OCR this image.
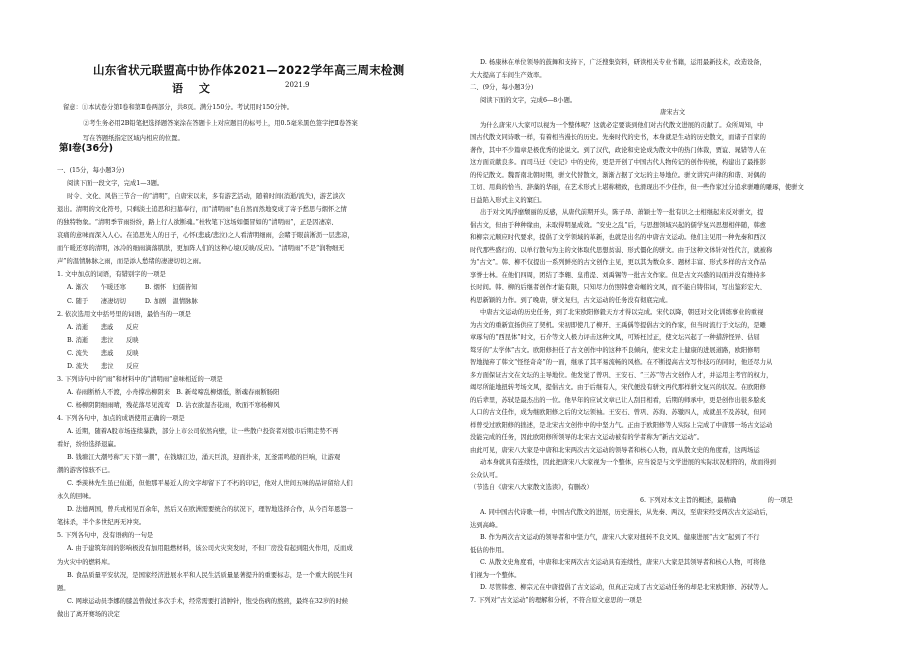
山东省状元联盟高中协作体2021—2022学年高三周末检测
语 文	2021.9
留意：①本试卷分第Ⅰ卷和第Ⅱ卷两部分，共8页。满分150分。考试用时150分钟。
②考生务必用2B铅笔把选择题答案涂在答题卡上对应题目的标号上，用0.5毫米黑色签字把Ⅱ卷答案
写在答题纸指定区域内相应的位置。
第Ⅰ卷(36分)
一、(15分，每小题3分)
阅读下面一段文字，完成1—3题。
时令、文化、风俗三节合一的“清明”，自唐宋以来，多有游艺活动，随着时间(消逝/流失)，游艺淡次
退出。清明的文化符号，只剩淡土追思和扫墓奉行，而“清明雨”也自然而然地变成了寄予愁思与烟怀之情
的独特物象。“清明季节雨纷纷，路上行人欲断魂。”杜牧笔下这场如僵冒如的“清明雨”，正是因凄凉、
哀痛的意味而深入人心。在追思先人的日子，心怀(悲戚/悲泣)之人看清明细雨，会睹于眼前淅沥一层悲凉，
而午暖还寒的清明，冰冷的细雨滴落肌肤，更加阵人们的这种心境(反映/反应)。“清明雨”不是“润物细无
声”的温情脉脉之雨，而是添人愁绪的凄凄切切之雨。
1. 文中加点的词语，有错别字的一项是
A. 渐次　　乍暖还寒　　　B. 烟怀　妇儒皆知
C. 随于　　凄凄切切　　　D. 加剧　温情脉脉
2. 依次选用文中括号里的词语，最恰当的一项是
A. 消逝　　悲戚　　反应
B. 消逝　　悲泣　　反映
C. 流失　　悲戚　　反映
D. 流失　　悲泣　　反应
3. 下列诗句中的“雨”和材料中的“清明雨”意味相近的一项是
A. 春雨断桥人不渡，小舟撑出柳阴来　B. 新莺啼乱柳烟低，断魂春雨断肠阳
C. 杨柳阴阴细雨晴，残花落尽见流莺　D. 沾衣欲湿杏花雨，吹面不寒杨柳风
4. 下列各句中，加点的成语使用正确的一项是
A. 近期，随着A股市场连续暴跌，部分上市公司依然向壁，让一些散户投资者对股市后期走势不再
看好，纷纷选择退赢。
B. 钱塘江大潮号称“天下第一潮”，在钱塘江边，涌天巨浪，迎面扑来，瓦釜雷鸣般的巨响，让游观
潮的游客惊骇不已。
C. 季羡林先生虽已仙逝，但他那平易近人的文字却留下了不朽的印记，他对人世间五味的品评留给人们
永久的回味。
D. 法德两国，曾兵戎相见百余年，然后又在欧洲需要统合的状况下，理智地选择合作，从今百年恩怨一
笔抹杀，半个多世纪再无冲突。
5. 下列各句中，没有语病的一句是
A. 由于建筑年间的影响极没有加用阻燃材料，该公司火灾突发时，不但厂房没有起到阻火作用，反而成
为火灾中的燃料库。
B. 食品质量平安状况，是国家经济进展水平和人民生活质量显著提升的重要标志，是一个重大的民生问
题。
C. 网球运动员李娜的膝盖曾做过多次手术，经常需要打消肿针，饱受伤病的熬煎，最终在32岁的时候
做出了离开赛场的决定
D. 杨康林在单位领导的鼓舞和支持下，广泛搜集资料，研读相关专业书籍，运用最新技术，改造设备，
大大提高了车间生产效率。
二、(9分，每小题3分)
阅读下面的文字，完成6—8小题。
唐宋古文
为什么唐宋八大家可以视为一个整体呢？这就必定要谈到他们对古代散文进展的贡献了。众所周知，中
国古代散文同诗歌一样，有着相当漫长的历史。先秦时代的史书，本身就是生动的历史散文，而诸子百家的
著作，其中不少篇章是极优秀的论说文。到了汉代，政论和史论成为散文中的热门体裁，贾谊、晁错等人在
这方面贡献良多。而司马迁《史记》中的史传，更是开创了中国古代人物传记的创作传统，构建出了最推影
的传记散文。魏晋南北朝时期，骈文代替散文，渐渐占据了文坛的主导地位。骈文讲究声律的和谐、对偶的
工切、用典的恰当、辞藻的华丽，在艺术形式上堪称精致，也滑现出不少佳作，但一些作家过分追求骈雕的雕琢，使骈文
日益陷入形式主义的窠臼。
出于对文风浮靡颓丽的反感，从唐代前期开头，陈子昂、萧颖士等一批有识之士相继起来反对骈文，提
倡古文，但由于种种缘由，未取得明显成效。“安史之乱”后，与思想领域兴起的儒学复兴思想相伴随，韩愈
和柳宗元顺应时代要求，提倡了文学领域的革新，也就是出名的中唐古文运动。他们主见用一种先秦和西汉
时代那些盛行的、以单行散句为主的文体取代思想贫弱、形式僵化的骈文。由于这种文体针对性代言，就被称
为“古文”。韩、柳不仅提出一系列鲜亮的古文创作主见，更以其为数众多、题材丰富、形式多样的古文作品
享誉士林。在他们四周，团结了李翱、皇甫湜、刘禹锡等一批古文作家。但是古文兴盛的局面并没有维持多
长时间。韩、柳的后继者创作才能有限，只知尽力仿照韩愈奇崛的文风，而不能自铸伟词，写出鉴彩宏大、
构思新颖的力作。到了晚唐，骈文复归，古文运动的任务没有彻底完成。
中唐古文运动的历史任务，到了北宋欧阳修毅天方才得以完成。宋代以降，朝廷对文化训练事业的重视
为古文的重新宣扬供应了契机。宋初即使几了柳开、王禹偁等提倡古文的作家，但当时流行于文坛的，是雕
章琢句的“西昆体”时文，石介等文人极力评击这种文风，可矫枉过正，使文坛兴起了一种措辞怪异、估屈
骜牙的“太学体”古文。欧阳修担任了古文创作中的这种不良倾向，使宋文走上健康的进展道路，欧阳修明
智地抛弃了韩文“怪怪奇奇”的一面，继承了其平易流畅的风格。在不断提高古文写作技巧的同时，他还尽力从
多方面保证古文在文坛的主导地位。他发觉了曾巩、王安石、“三苏”等古文创作人才，并运用主考官的权力，
竭尽所能地扭转考场文风，提倡古文。由于后继有人，宋代便没有骈文再代那样骈文复兴的状况。在欧阳修
的后辈里，苏轼是最杰出的一位。他早年的应试文章已让人刮目相看，后期的师承中，更是创作出很多脍炙
人口的古文佳作，成为继欧阳修之后的文坛领袖。王安石、曾巩、苏洵、苏辙四人，成就虽不及苏轼，但同
样曾受过欧阳修的拙述，是北宋古文创作中的中坚力气。正由于欧阳修等人实际上完成了中唐那一场古文运动
没能完成的任务，因此欧阳修所领导的北宋古文运动被有的学者称为“新古文运动”。
由此可见，唐宋八大家是中唐和北宋两次古文运动的领导者和核心人物，而从散文史的角度看，这两场运
动本身就具有连续性，因此把唐宋八大家视为一个整体，应当说是与文学进展的实际状况相符的，故而得到
公众认可。
（节选自《唐宋八大家散文选读》，有删改）
6. 下列对本文主旨的概述，最精确　　　　　的一项是
A. 同中国古代诗歌一样，中国古代散文的进展，历史漫长，从先秦、两汉，至唐宋经受两次古文运动后，
达到高峰。
B. 作为两次古文运动的领导者和中坚力气，唐宋八大家对扭转不良文风、健康进展“古文”起到了不行
低估的作用。
C. 从散文史角度看，中唐和北宋两次古文运动具有连续性，唐宋八大家是其领导者和核心人物，可将他
们视为一个整体。
D. 尽管韩愈、柳宗元在中唐提倡了古文运动，但真正完成了古文运动任务的却是北宋欧阳修、苏轼等人。
7. 下列对“古文运动”的理解和分析，不符合原文意思的一项是
